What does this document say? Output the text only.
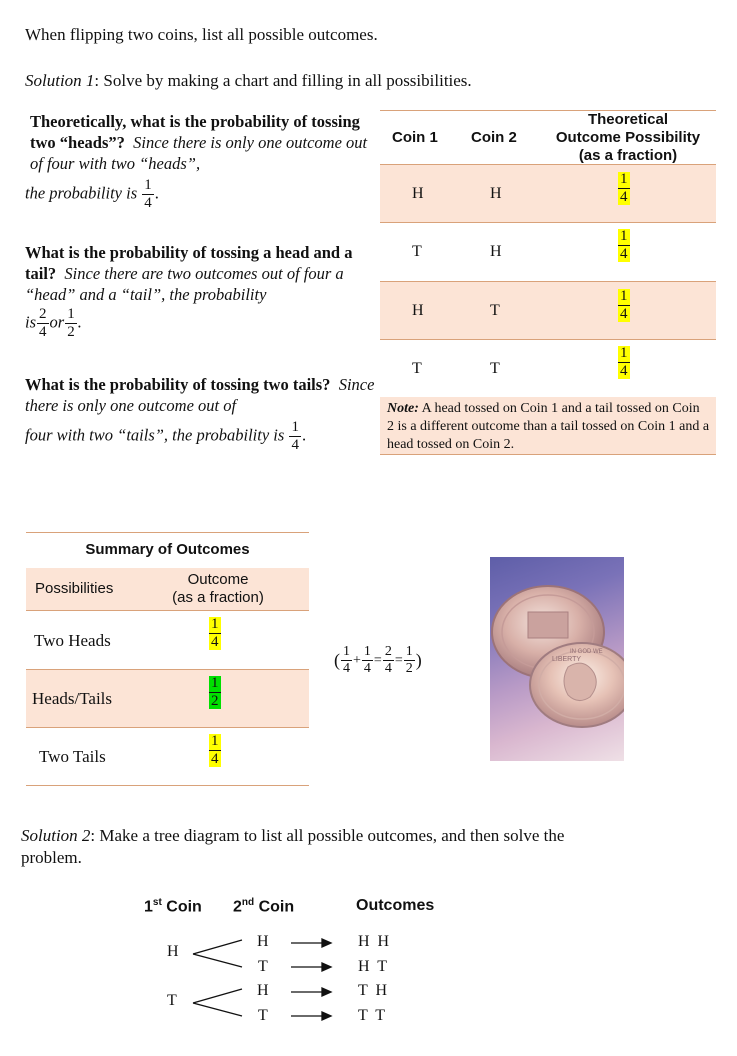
When flipping two coins, list all possible outcomes.
Solution 1: Solve by making a chart and filling in all possibilities.
Theoretically, what is the probability of tossing two “heads”? Since there is only one outcome out of four with two “heads”,
the probability is $\frac{1}{4}$ .
What is the probability of tossing a head and a tail? Since there are two outcomes out of four a “head” and a “tail”, the probability
is $\frac{2}{4}$ or $\frac{1}{2}$ .
What is the probability of tossing two tails? Since there is only one outcome out of
four with two “tails”, the probability is $\frac{1}{4}$ .
Coin 1 Coin 2
Theoretical
Outcome Possibility
(as a fraction)
H	H	$\frac{1}{4}$
T	H	$\frac{1}{4}$
H	T	$\frac{1}{4}$
T	T	$\frac{1}{4}$
Note: A head tossed on Coin 1 and a tail tossed on Coin 2 is a different outcome than a tail tossed on Coin 1 and a head tossed on Coin 2.
Summary of Outcomes
Possibilities
Outcome
(as a fraction)
Two Heads	$\frac{1}{4}$
Heads/Tails	$\frac{1}{2}$
Two Tails	$\frac{1}{4}$
( $\frac{1}{4} + \frac{1}{4} = \frac{2}{4} = \frac{1}{2}$ )	LIBERTY
IN GOD WE
Solution 2: Make a tree diagram to list all possible outcomes, and then solve the problem.
1st Coin 2nd Coin	Outcomes
H
T
H
T
H
T
H  H
H  T
T  H
T  T
